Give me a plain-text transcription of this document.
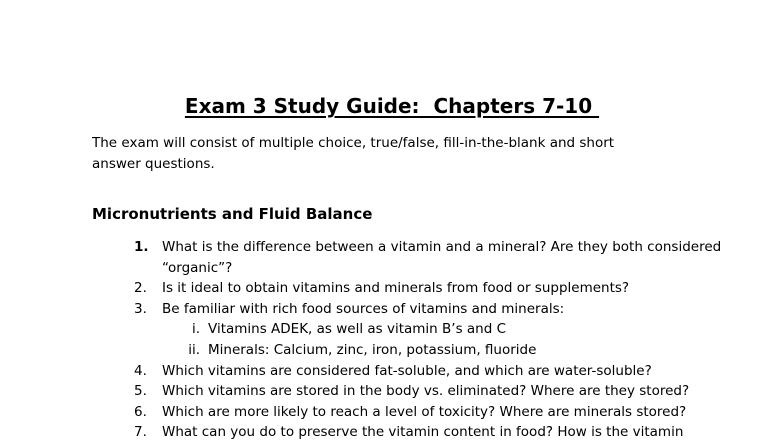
Exam 3 Study Guide:  Chapters 7-10

The exam will consist of multiple choice, true/false, fill-in-the-blank and short answer questions.

Micronutrients and Fluid Balance
1. What is the difference between a vitamin and a mineral? Are they both considered
“organic”?
2.	Is it ideal to obtain vitamins and minerals from food or supplements?
3.	Be familiar with rich food sources of vitamins and minerals:
i. Vitamins ADEK, as well as vitamin B’s and C
ii. Minerals: Calcium, zinc, iron, potassium, fluoride
4.	Which vitamins are considered fat-soluble, and which are water-soluble?
5.	Which vitamins are stored in the body vs. eliminated? Where are they stored?
6.	Which are more likely to reach a level of toxicity? Where are minerals stored?
7.	What can you do to preserve the vitamin content in food? How is the vitamin
